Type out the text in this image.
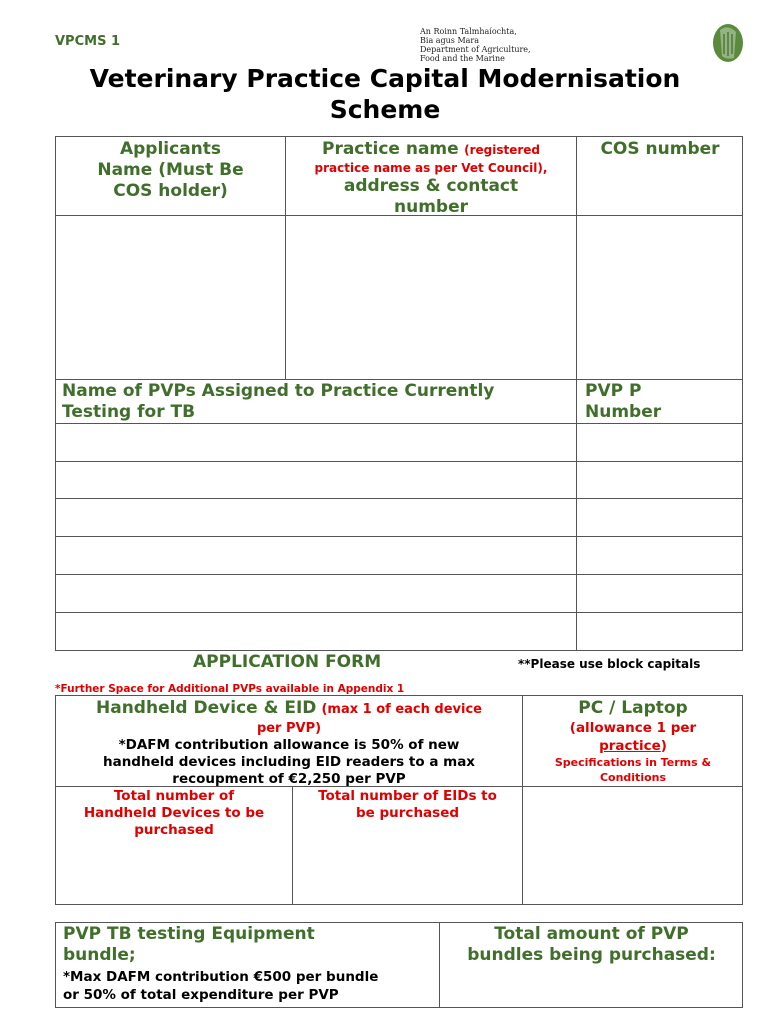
VPCMS 1
An Roinn Talmhaíochta,
Bia agus Mara
Department of Agriculture,
Food and the Marine
Veterinary Practice Capital Modernisation
Scheme
Applicants
Name (Must Be
COS holder)
Practice name (registered
practice name as per Vet Council),
address & contact
number
COS number
Name of PVPs Assigned to Practice Currently
Testing for TB
PVP P
Number
APPLICATION FORM	**Please use block capitals
*Further Space for Additional PVPs available in Appendix 1
Handheld Device & EID (max 1 of each device
per PVP)
*DAFM contribution allowance is 50% of new
handheld devices including EID readers to a max
recoupment of €2,250 per PVP
Total number of
Handheld Devices to be
purchased
Total number of EIDs to
be purchased
PC / Laptop
(allowance 1 per
practice)
Specifications in Terms &
Conditions
PVP TB testing Equipment
bundle;
*Max DAFM contribution €500 per bundle
or 50% of total expenditure per PVP
Total amount of PVP
bundles being purchased:
